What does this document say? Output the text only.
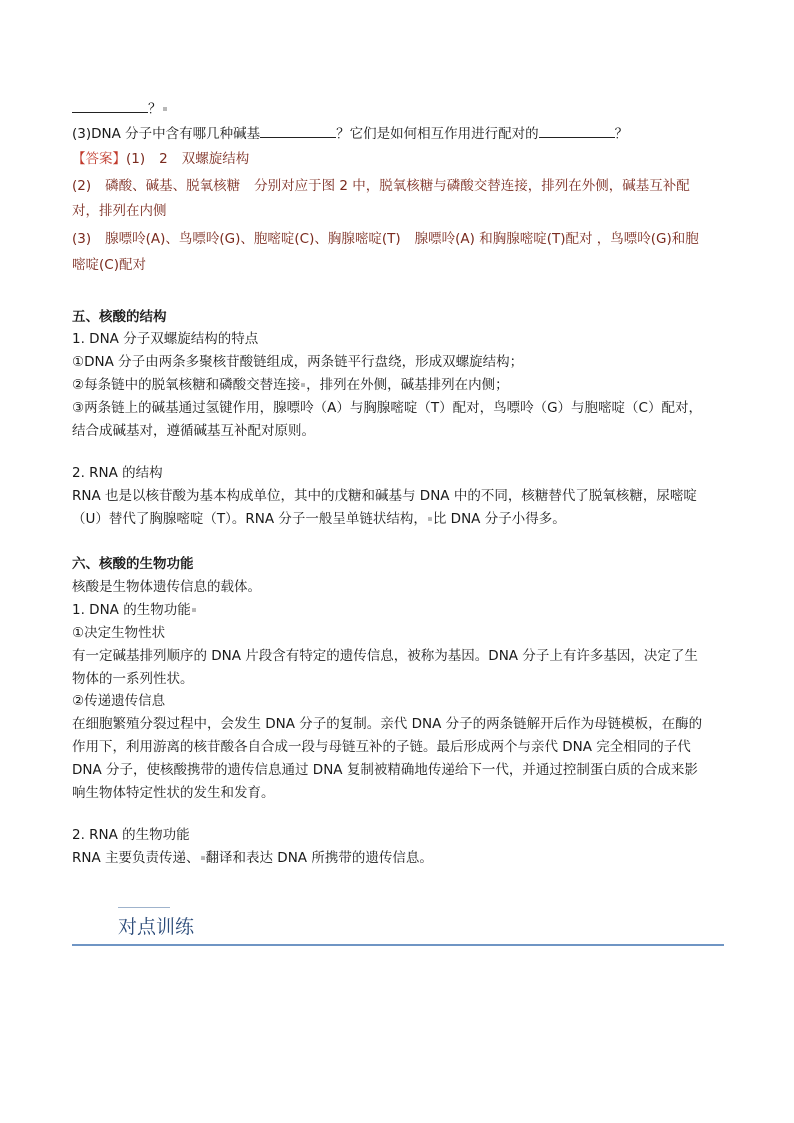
？
(3)DNA 分子中含有哪几种碱基	？它们是如何相互作用进行配对的	？
【答案】(1) 2 双螺旋结构
(2) 磷酸、碱基、脱氧核糖 分别对应于图 2 中，脱氧核糖与磷酸交替连接，排列在外侧，碱基互补配
对，排列在内侧
(3) 腺嘌呤(A)、鸟嘌呤(G)、胞嘧啶(C)、胸腺嘧啶(T) 腺嘌呤(A) 和胸腺嘧啶(T)配对 ，鸟嘌呤(G)和胞
嘧啶(C)配对
五、核酸的结构
1. DNA 分子双螺旋结构的特点
①DNA 分子由两条多聚核苷酸链组成，两条链平行盘绕，形成双螺旋结构；
②每条链中的脱氧核糖和磷酸交替连接 ，排列在外侧，碱基排列在内侧；
③两条链上的碱基通过氢键作用，腺嘌呤（A）与胸腺嘧啶（T）配对，鸟嘌呤（G）与胞嘧啶（C）配对，
结合成碱基对，遵循碱基互补配对原则。
2. RNA 的结构
RNA 也是以核苷酸为基本构成单位，其中的戊糖和碱基与 DNA 中的不同，核糖替代了脱氧核糖，尿嘧啶
（U）替代了胸腺嘧啶（T）。RNA 分子一般呈单链状结构， 比 DNA 分子小得多。
六、核酸的生物功能
核酸是生物体遗传信息的载体。
1. DNA 的生物功能
①决定生物性状
有一定碱基排列顺序的 DNA 片段含有特定的遗传信息，被称为基因。DNA 分子上有许多基因，决定了生
物体的一系列性状。
②传递遗传信息
在细胞繁殖分裂过程中，会发生 DNA 分子的复制。亲代 DNA 分子的两条链解开后作为母链模板，在酶的
作用下，利用游离的核苷酸各自合成一段与母链互补的子链。最后形成两个与亲代 DNA 完全相同的子代
DNA 分子，使核酸携带的遗传信息通过 DNA 复制被精确地传递给下一代，并通过控制蛋白质的合成来影
响生物体特定性状的发生和发育。
2. RNA 的生物功能
RNA 主要负责传递、 翻译和表达 DNA 所携带的遗传信息。
对点训练
